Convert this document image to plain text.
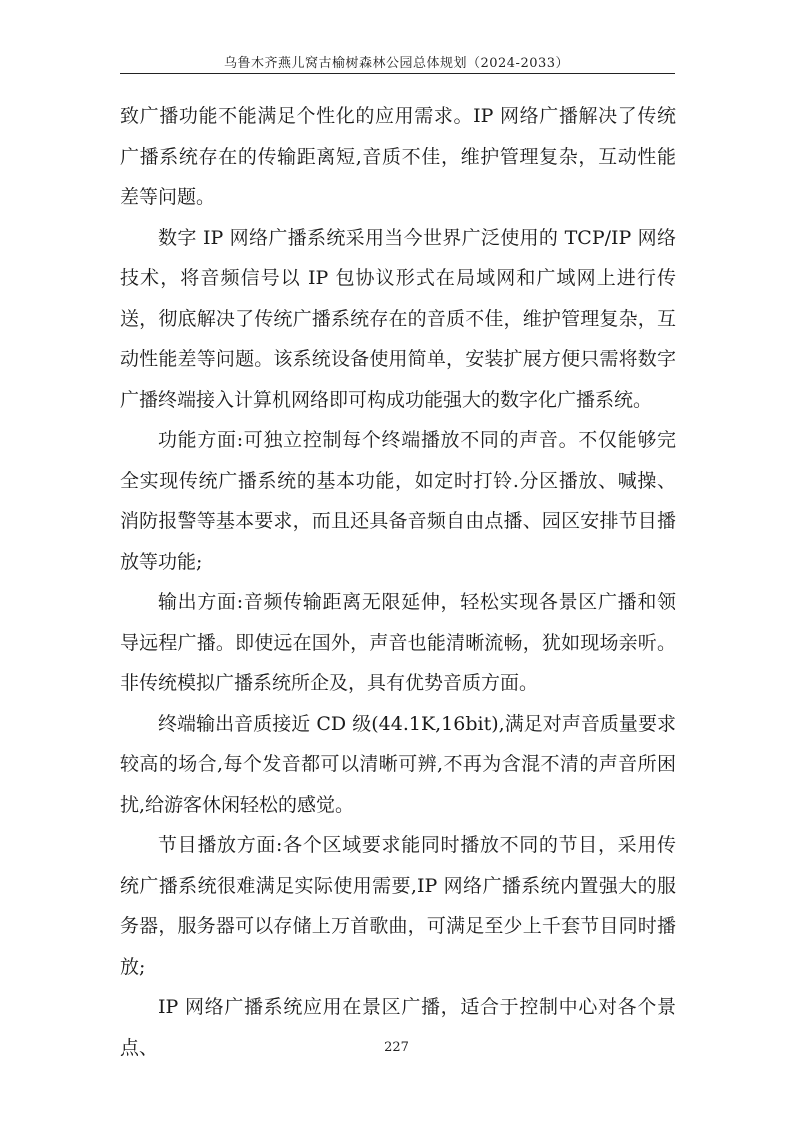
乌鲁木齐燕儿窝古榆树森林公园总体规划（2024-2033）

致广播功能不能满足个性化的应用需求。IP 网络广播解决了传统广播系统存在的传输距离短,音质不佳，维护管理复杂，互动性能差等问题。

数字 IP 网络广播系统采用当今世界广泛使用的 TCP/IP 网络技术，将音频信号以 IP 包协议形式在局域网和广域网上进行传送，彻底解决了传统广播系统存在的音质不佳，维护管理复杂，互动性能差等问题。该系统设备使用简单，安装扩展方便只需将数字广播终端接入计算机网络即可构成功能强大的数字化广播系统。

功能方面:可独立控制每个终端播放不同的声音。不仅能够完全实现传统广播系统的基本功能，如定时打铃.分区播放、喊操、消防报警等基本要求，而且还具备音频自由点播、园区安排节目播放等功能;

输出方面:音频传输距离无限延伸，轻松实现各景区广播和领导远程广播。即使远在国外，声音也能清晰流畅，犹如现场亲听。非传统模拟广播系统所企及，具有优势音质方面。

终端输出音质接近 CD 级(44.1K,16bit),满足对声音质量要求较高的场合,每个发音都可以清晰可辨,不再为含混不清的声音所困扰,给游客休闲轻松的感觉。

节目播放方面:各个区域要求能同时播放不同的节目，采用传统广播系统很难满足实际使用需要,IP 网络广播系统内置强大的服务器，服务器可以存储上万首歌曲，可满足至少上千套节目同时播放;

IP 网络广播系统应用在景区广播，适合于控制中心对各个景点、	227
